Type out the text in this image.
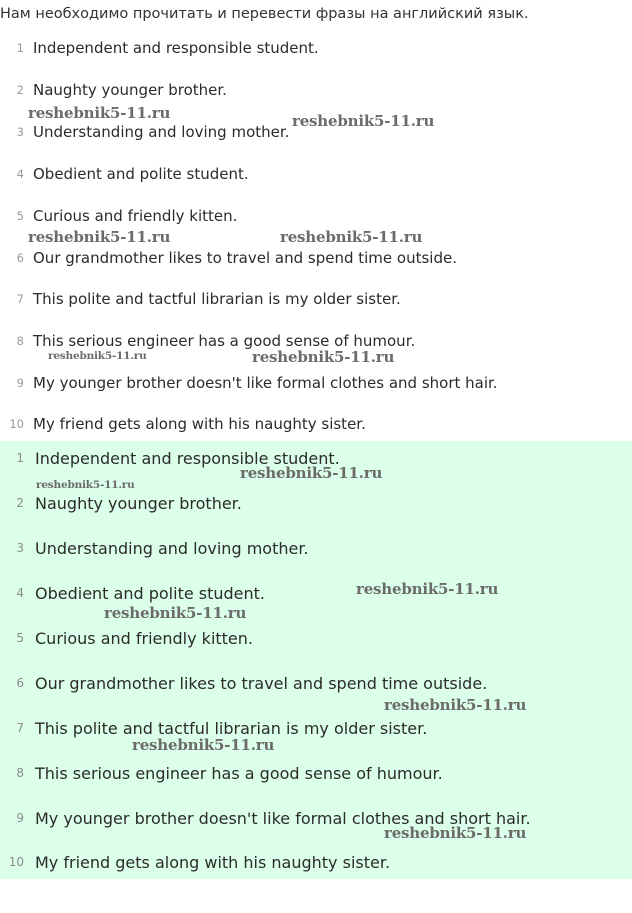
Нам необходимо прочитать и перевести фразы на английский язык.
1 Independent and responsible student.
2 Naughty younger brother.
3 Understanding and loving mother.
4 Obedient and polite student.
5 Curious and friendly kitten.
6 Our grandmother likes to travel and spend time outside.
7 This polite and tactful librarian is my older sister.
8 This serious engineer has a good sense of humour.
9 My younger brother doesn't like formal clothes and short hair.
10 My friend gets along with his naughty sister.
1 Independent and responsible student.
2 Naughty younger brother.
3 Understanding and loving mother.
4 Obedient and polite student.
5 Curious and friendly kitten.
6 Our grandmother likes to travel and spend time outside.
7 This polite and tactful librarian is my older sister.
8 This serious engineer has a good sense of humour.
9 My younger brother doesn't like formal clothes and short hair.
10 My friend gets along with his naughty sister.
reshebnik5-11.ru	reshebnik5-11.ru
reshebnik5-11.ru	reshebnik5-11.ru
reshebnik5-11.ru	reshebnik5-11.ru
reshebnik5-11.ru
reshebnik5-11.ru
reshebnik5-11.ru
reshebnik5-11.ru
reshebnik5-11.ru
reshebnik5-11.ru
reshebnik5-11.ru
